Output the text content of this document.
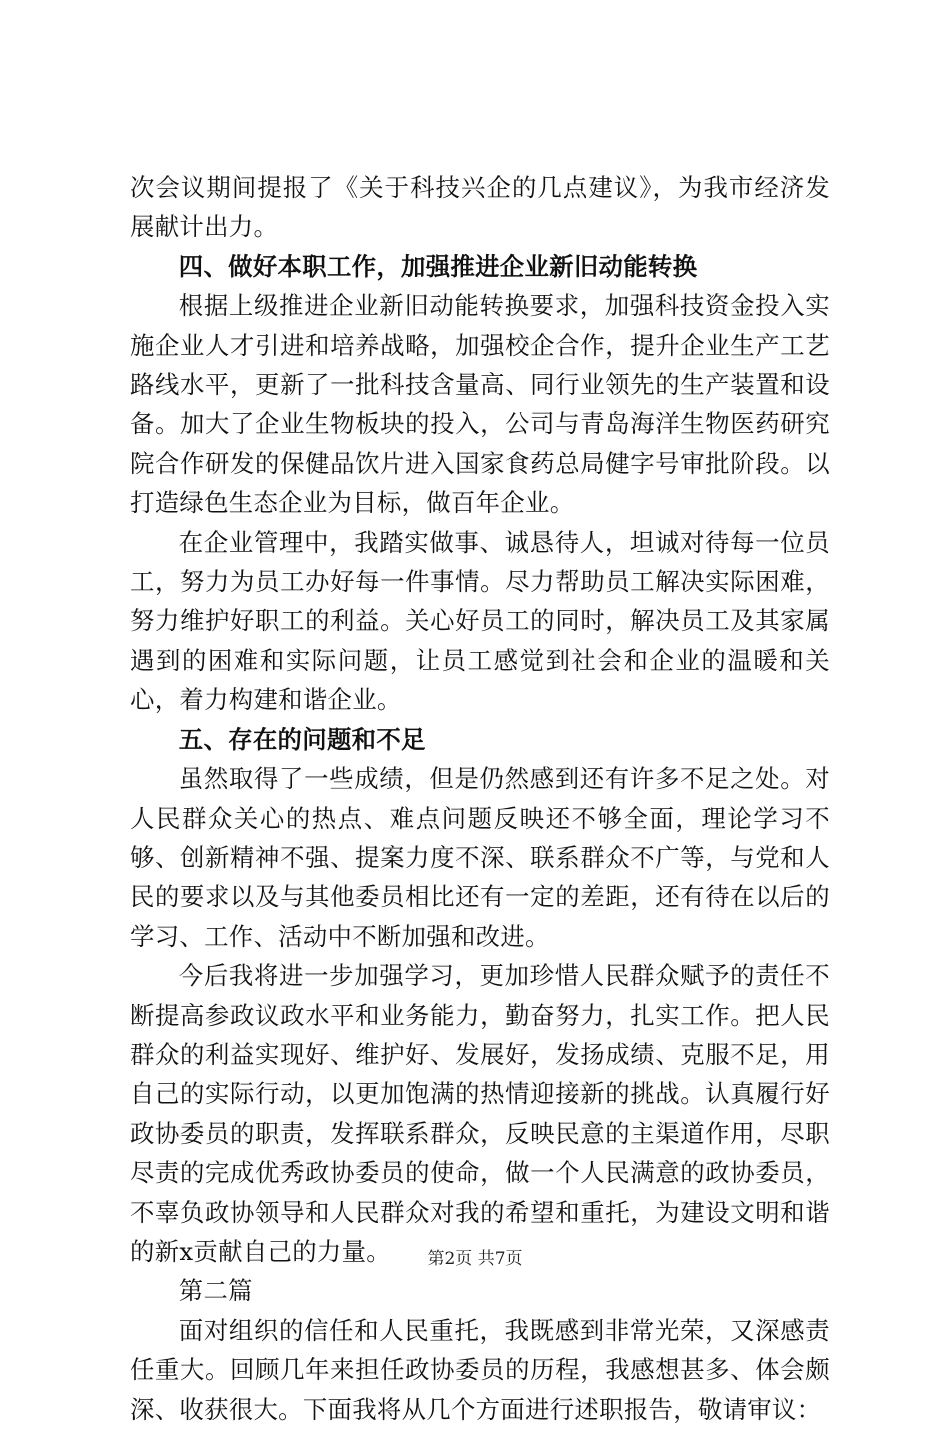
次会议期间提报了《关于科技兴企的几点建议》，为我市经济发展献计出力。

四、做好本职工作，加强推进企业新旧动能转换

根据上级推进企业新旧动能转换要求，加强科技资金投入实施企业人才引进和培养战略，加强校企合作，提升企业生产工艺路线水平，更新了一批科技含量高、同行业领先的生产装置和设备。加大了企业生物板块的投入，公司与青岛海洋生物医药研究院合作研发的保健品饮片进入国家食药总局健字号审批阶段。以打造绿色生态企业为目标，做百年企业。

在企业管理中，我踏实做事、诚恳待人，坦诚对待每一位员工，努力为员工办好每一件事情。尽力帮助员工解决实际困难，努力维护好职工的利益。关心好员工的同时，解决员工及其家属遇到的困难和实际问题，让员工感觉到社会和企业的温暖和关心，着力构建和谐企业。

五、存在的问题和不足

虽然取得了一些成绩，但是仍然感到还有许多不足之处。对人民群众关心的热点、难点问题反映还不够全面，理论学习不够、创新精神不强、提案力度不深、联系群众不广等，与党和人民的要求以及与其他委员相比还有一定的差距，还有待在以后的学习、工作、活动中不断加强和改进。

今后我将进一步加强学习，更加珍惜人民群众赋予的责任不断提高参政议政水平和业务能力，勤奋努力，扎实工作。把人民群众的利益实现好、维护好、发展好，发扬成绩、克服不足，用自己的实际行动，以更加饱满的热情迎接新的挑战。认真履行好政协委员的职责，发挥联系群众，反映民意的主渠道作用，尽职尽责的完成优秀政协委员的使命，做一个人民满意的政协委员，不辜负政协领导和人民群众对我的希望和重托，为建设文明和谐的新x贡献自己的力量。

第二篇

面对组织的信任和人民重托，我既感到非常光荣，又深感责任重大。回顾几年来担任政协委员的历程，我感想甚多、体会颇深、收获很大。下面我将从几个方面进行述职报告，敬请审议：

第2页 共7页
